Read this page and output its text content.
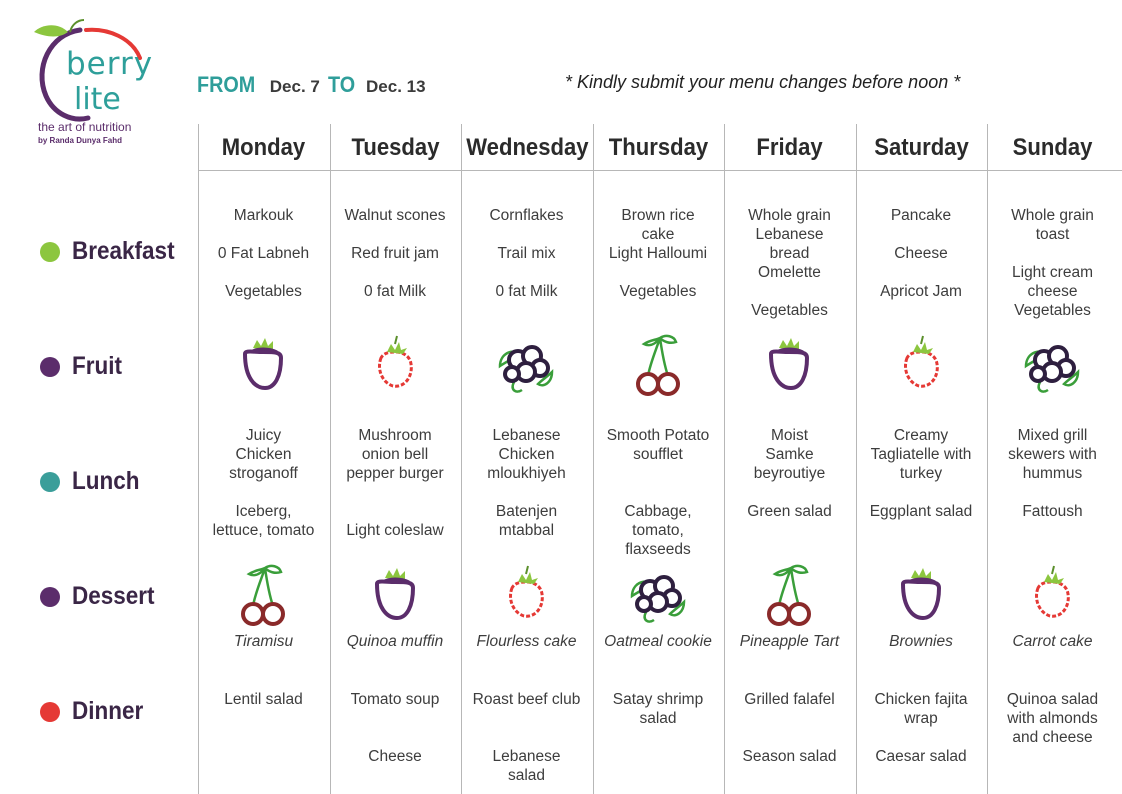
berry
lite
the art of nutrition
by Randa Dunya Fahd
FROM Dec. 7 TO Dec. 13	* Kindly submit your menu changes before noon *
Breakfast
Fruit
Lunch
Dessert
Dinner
Monday
Markouk
0 Fat Labneh
Vegetables
Juicy
Chicken
stroganoff
Iceberg,
lettuce, tomato
Lentil salad
Tiramisu
Tuesday
Walnut scones
Red fruit jam
0 fat Milk
Mushroom
onion bell
pepper burger
Light coleslaw
Tomato soup
Cheese
Quinoa muffin
Wednesday
Cornflakes
Trail mix
0 fat Milk
Lebanese
Chicken
mloukhiyeh
Batenjen
mtabbal
Roast beef club
Lebanese
salad
Flourless cake
Thursday
Brown rice
cake
Light Halloumi
Vegetables
Smooth Potato
soufflet
Cabbage,
tomato,
flaxseeds
Satay shrimp
salad
Oatmeal cookie
Friday
Whole grain
Lebanese
bread
Omelette
Vegetables
Moist
Samke
beyroutiye
Green salad
Grilled falafel
Season salad
Pineapple Tart
Saturday
Pancake
Cheese
Apricot Jam
Creamy
Tagliatelle with
turkey
Eggplant salad
Chicken fajita
wrap
Caesar salad
Brownies
Sunday
Whole grain
toast
Light cream
cheese
Vegetables
Mixed grill
skewers with
hummus
Fattoush
Quinoa salad
with almonds
and cheese
Carrot cake
